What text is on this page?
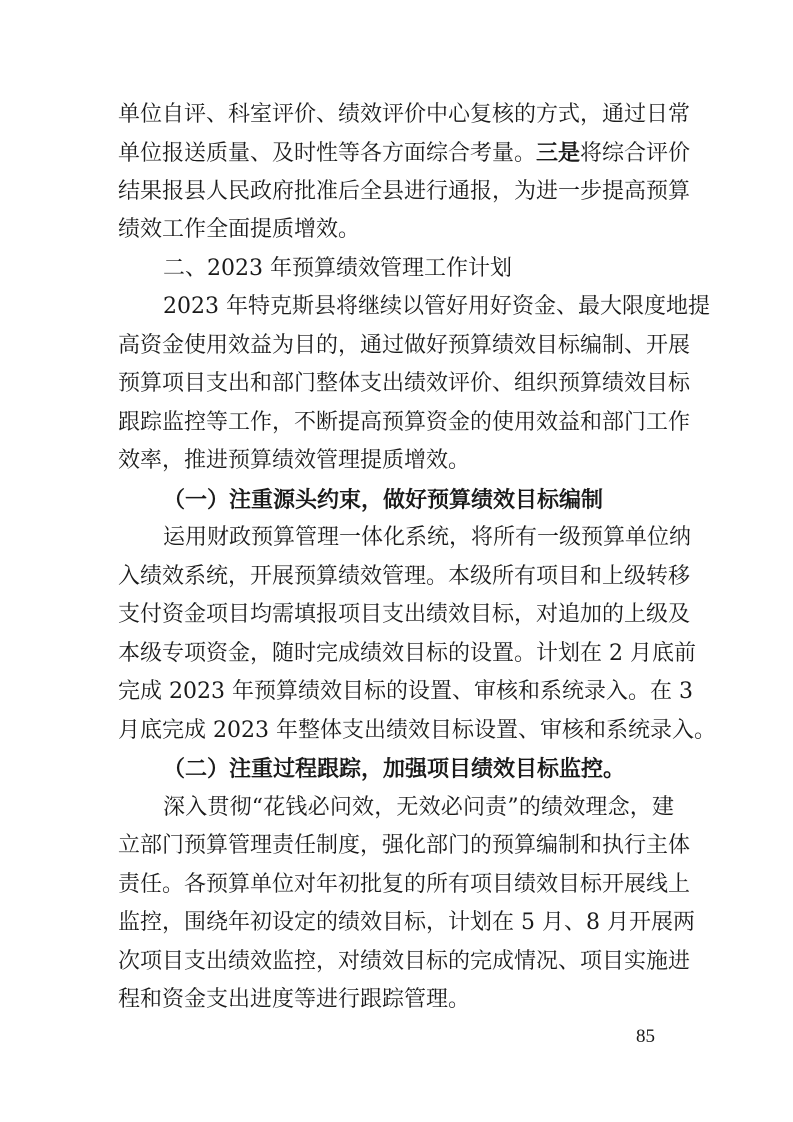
单位自评、科室评价、绩效评价中心复核的方式，通过日常
单位报送质量、及时性等各方面综合考量。三是将综合评价
结果报县人民政府批准后全县进行通报，为进一步提高预算
绩效工作全面提质增效。
二、2023 年预算绩效管理工作计划
2023 年特克斯县将继续以管好用好资金、最大限度地提
高资金使用效益为目的，通过做好预算绩效目标编制、开展
预算项目支出和部门整体支出绩效评价、组织预算绩效目标
跟踪监控等工作，不断提高预算资金的使用效益和部门工作
效率，推进预算绩效管理提质增效。
（一）注重源头约束，做好预算绩效目标编制
运用财政预算管理一体化系统，将所有一级预算单位纳
入绩效系统，开展预算绩效管理。本级所有项目和上级转移
支付资金项目均需填报项目支出绩效目标，对追加的上级及
本级专项资金，随时完成绩效目标的设置。计划在 2 月底前
完成 2023 年预算绩效目标的设置、审核和系统录入。在 3
月底完成 2023 年整体支出绩效目标设置、审核和系统录入。
（二）注重过程跟踪，加强项目绩效目标监控。
深入贯彻“花钱必问效，无效必问责”的绩效理念，建
立部门预算管理责任制度，强化部门的预算编制和执行主体
责任。各预算单位对年初批复的所有项目绩效目标开展线上
监控，围绕年初设定的绩效目标，计划在 5 月、8 月开展两
次项目支出绩效监控，对绩效目标的完成情况、项目实施进
程和资金支出进度等进行跟踪管理。
85
